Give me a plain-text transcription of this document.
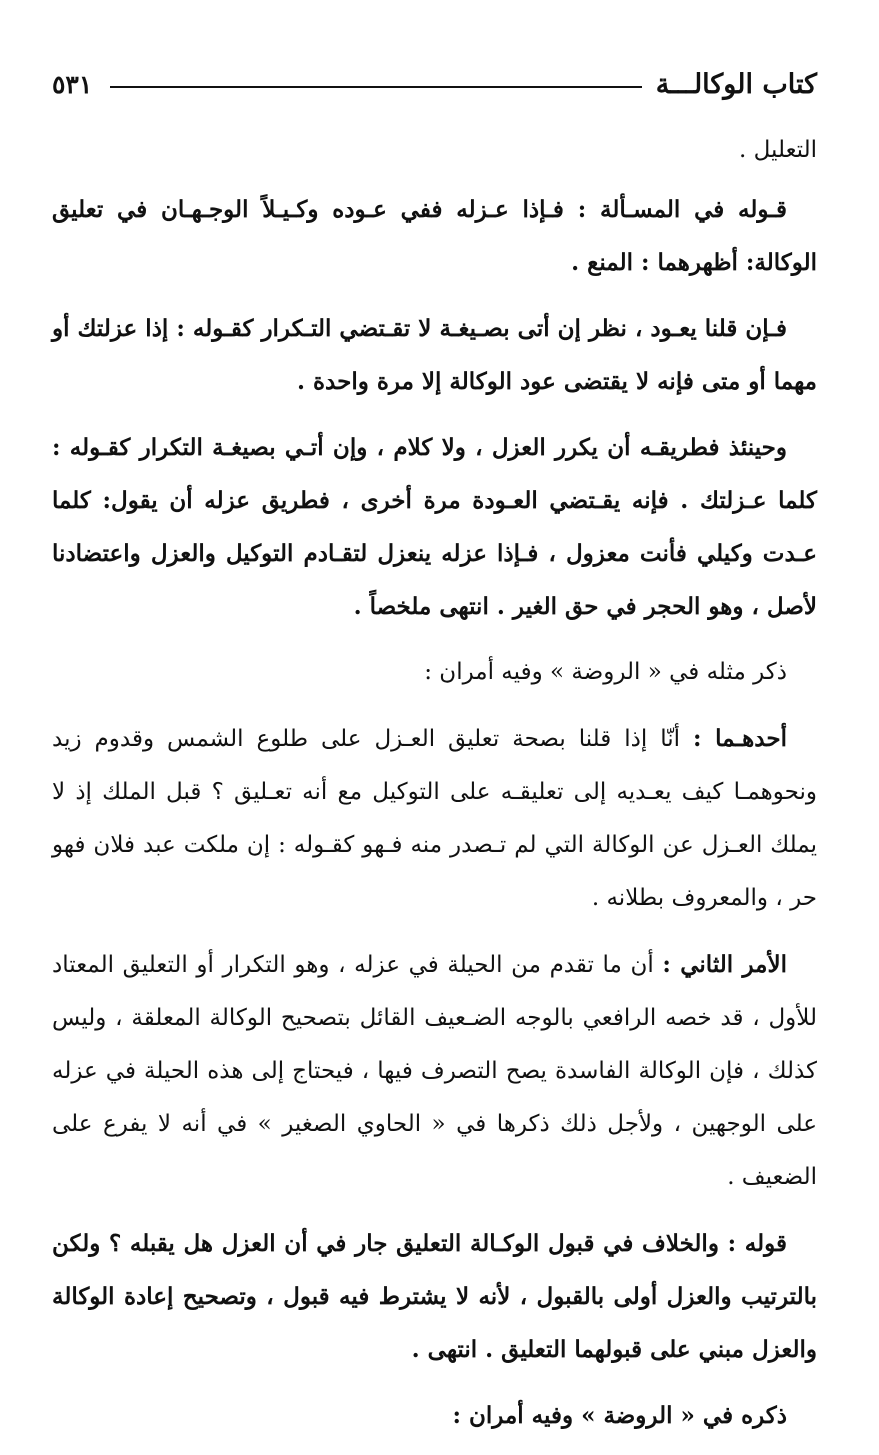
كتاب الوكالـــة
٥٣١

التعليل .

قـوله في المسـألة : فـإذا عـزله ففي عـوده وكـيـلاً الوجـهـان في تعليق الوكالة: أظهرهما : المنع .

فـإن قلنا يعـود ، نظر إن أتى بصـيغـة لا تقـتضي التـكرار كقـوله : إذا عزلتك أو مهما أو متى فإنه لا يقتضى عود الوكالة إلا مرة واحدة .

وحينئذ فطريقـه أن يكرر العزل ، ولا كلام ، وإن أتـي بصيغـة التكرار كقـوله : كلما عـزلتك . فإنه يقـتضي العـودة مرة أخرى ، فطريق عزله أن يقول: كلما عـدت وكيلي فأنت معزول ، فـإذا عزله ينعزل لتقـادم التوكيل والعزل واعتضادنا لأصل ، وهو الحجر في حق الغير . انتهى ملخصاً .

ذكر مثله في « الروضة » وفيه أمران :

أحدهـما : أنّا إذا قلنا بصحة تعليق العـزل على طلوع الشمس وقدوم زيد ونحوهمـا كيف يعـديه إلى تعليقـه على التوكيل مع أنه تعـليق ؟ قبل الملك إذ لا يملك العـزل عن الوكالة التي لم تـصدر منه فـهو كقـوله : إن ملكت عبد فلان فهو حر ، والمعروف بطلانه .

الأمر الثاني : أن ما تقدم من الحيلة في عزله ، وهو التكرار أو التعليق المعتاد للأول ، قد خصه الرافعي بالوجه الضـعيف القائل بتصحيح الوكالة المعلقة ، وليس كذلك ، فإن الوكالة الفاسدة يصح التصرف فيها ، فيحتاج إلى هذه الحيلة في عزله على الوجهين ، ولأجل ذلك ذكرها في « الحاوي الصغير » في أنه لا يفرع على الضعيف .

قوله : والخلاف في قبول الوكـالة التعليق جار في أن العزل هل يقبله ؟ ولكن بالترتيب والعزل أولى بالقبول ، لأنه لا يشترط فيه قبول ، وتصحيح إعادة الوكالة والعزل مبني على قبولهما التعليق . انتهى .

ذكره في « الروضة » وفيه أمران :
